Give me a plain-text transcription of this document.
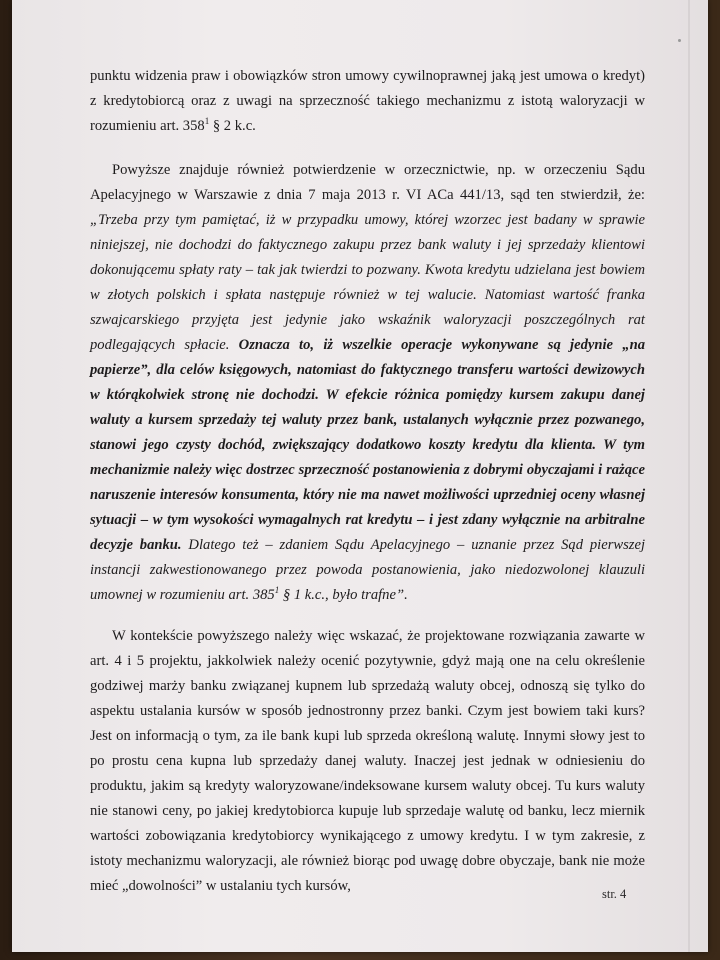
punktu widzenia praw i obowiązków stron umowy cywilnoprawnej jaką jest umowa o kredyt) z kredytobiorcą oraz z uwagi na sprzeczność takiego mechanizmu z istotą waloryzacji w rozumieniu art. $358^1$ § 2 k.c.

Powyższe znajduje również potwierdzenie w orzecznictwie, np. w orzeczeniu Sądu Apelacyjnego w Warszawie z dnia 7 maja 2013 r. VI ACa 441/13, sąd ten stwierdził, że: „Trzeba przy tym pamiętać, iż w przypadku umowy, której wzorzec jest badany w sprawie niniejszej, nie dochodzi do faktycznego zakupu przez bank waluty i jej sprzedaży klientowi dokonującemu spłaty raty – tak jak twierdzi to pozwany. Kwota kredytu udzielana jest bowiem w złotych polskich i spłata następuje również w tej walucie. Natomiast wartość franka szwajcarskiego przyjęta jest jedynie jako wskaźnik waloryzacji poszczególnych rat podlegających spłacie. Oznacza to, iż wszelkie operacje wykonywane są jedynie „na papierze”, dla celów księgowych, natomiast do faktycznego transferu wartości dewizowych w którąkolwiek stronę nie dochodzi. W efekcie różnica pomiędzy kursem zakupu danej waluty a kursem sprzedaży tej waluty przez bank, ustalanych wyłącznie przez pozwanego, stanowi jego czysty dochód, zwiększający dodatkowo koszty kredytu dla klienta. W tym mechanizmie należy więc dostrzec sprzeczność postanowienia z dobrymi obyczajami i rażące naruszenie interesów konsumenta, który nie ma nawet możliwości uprzedniej oceny własnej sytuacji – w tym wysokości wymagalnych rat kredytu – i jest zdany wyłącznie na arbitralne decyzje banku. Dlatego też – zdaniem Sądu Apelacyjnego – uznanie przez Sąd pierwszej instancji zakwestionowanego przez powoda postanowienia, jako niedozwolonej klauzuli umownej w rozumieniu art. $385^1$ § 1 k.c., było trafne”.

W kontekście powyższego należy więc wskazać, że projektowane rozwiązania zawarte w art. 4 i 5 projektu, jakkolwiek należy ocenić pozytywnie, gdyż mają one na celu określenie godziwej marży banku związanej kupnem lub sprzedażą waluty obcej, odnoszą się tylko do aspektu ustalania kursów w sposób jednostronny przez banki. Czym jest bowiem taki kurs? Jest on informacją o tym, za ile bank kupi lub sprzeda określoną walutę. Innymi słowy jest to po prostu cena kupna lub sprzedaży danej waluty. Inaczej jest jednak w odniesieniu do produktu, jakim są kredyty waloryzowane/indeksowane kursem waluty obcej. Tu kurs waluty nie stanowi ceny, po jakiej kredytobiorca kupuje lub sprzedaje walutę od banku, lecz miernik wartości zobowiązania kredytobiorcy wynikającego z umowy kredytu. I w tym zakresie, z istoty mechanizmu waloryzacji, ale również biorąc pod uwagę dobre obyczaje, bank nie może mieć „dowolności” w ustalaniu tych kursów,	str. 4
